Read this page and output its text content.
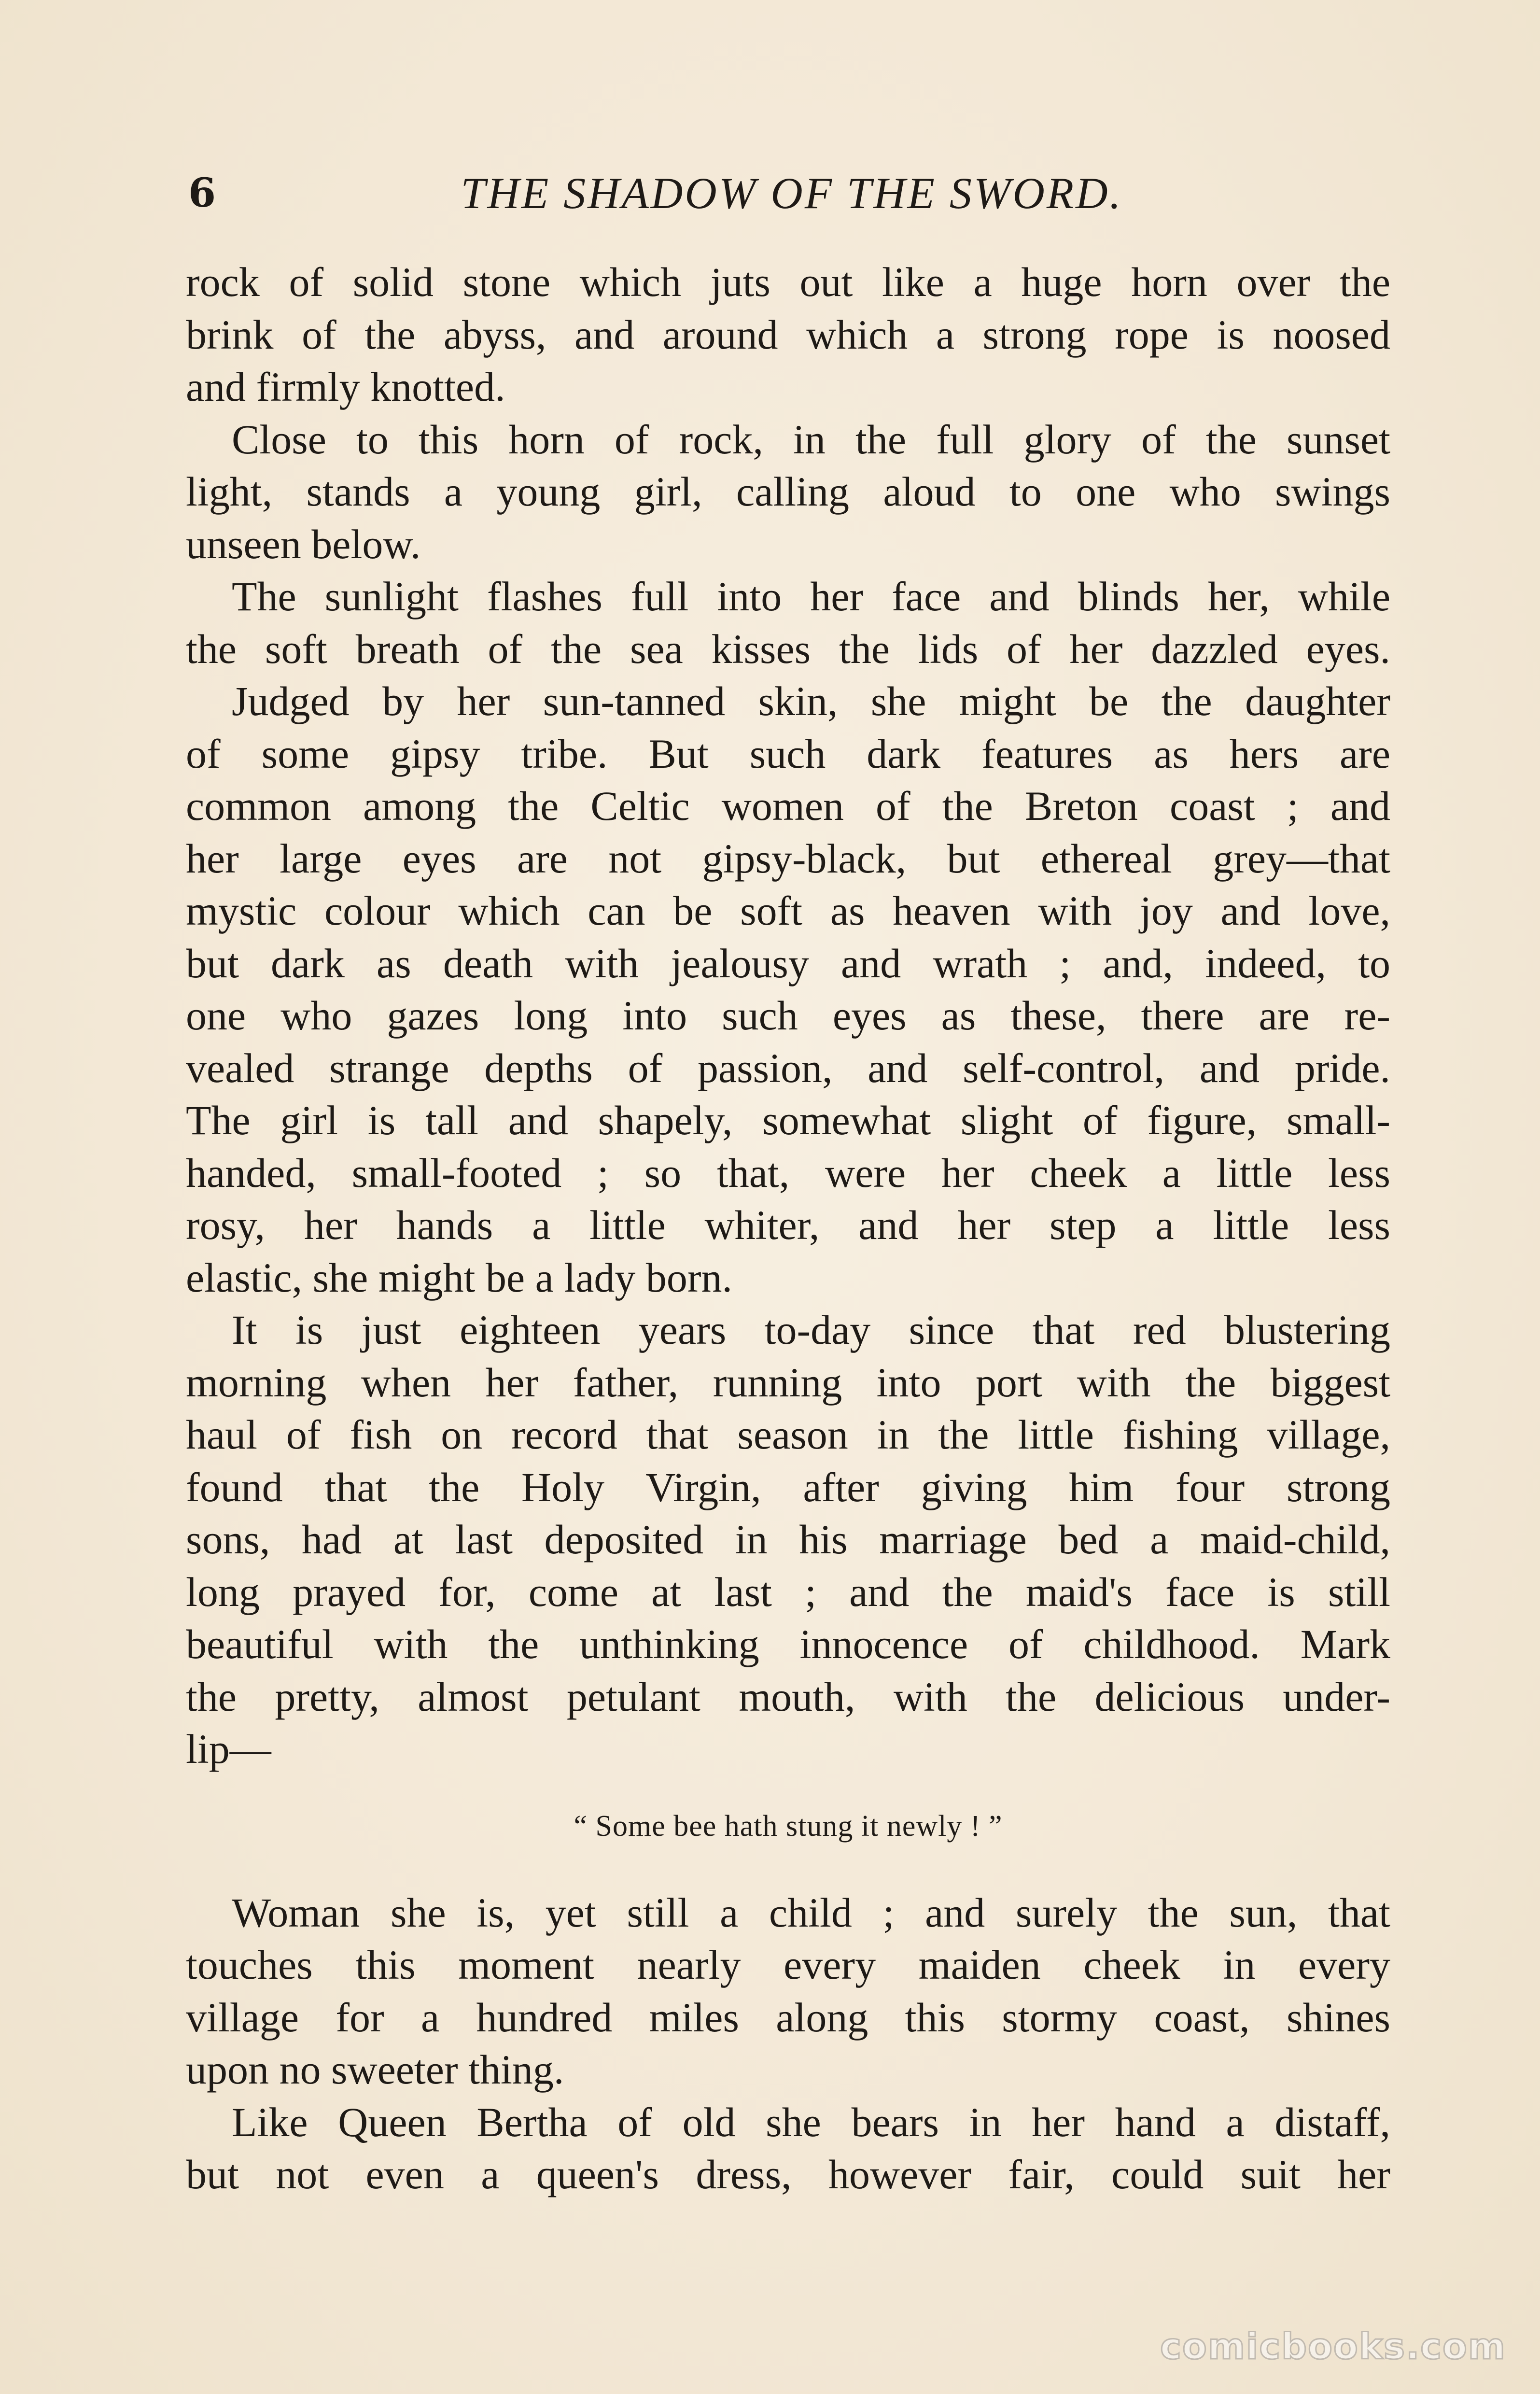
6	THE SHADOW OF THE SWORD.

rock of solid stone which juts out like a huge horn over the
brink of the abyss, and around which a strong rope is noosed
and firmly knotted.

Close to this horn of rock, in the full glory of the sunset
light, stands a young girl, calling aloud to one who swings
unseen below.

The sunlight flashes full into her face and blinds her, while
the soft breath of the sea kisses the lids of her dazzled eyes.

Judged by her sun-tanned skin, she might be the daughter
of some gipsy tribe. But such dark features as hers are
common among the Celtic women of the Breton coast ; and
her large eyes are not gipsy-black, but ethereal grey—that
mystic colour which can be soft as heaven with joy and love,
but dark as death with jealousy and wrath ; and, indeed, to
one who gazes long into such eyes as these, there are re-
vealed strange depths of passion, and self-control, and pride.
The girl is tall and shapely, somewhat slight of figure, small-
handed, small-footed ; so that, were her cheek a little less
rosy, her hands a little whiter, and her step a little less
elastic, she might be a lady born.

It is just eighteen years to-day since that red blustering
morning when her father, running into port with the biggest
haul of fish on record that season in the little fishing village,
found that the Holy Virgin, after giving him four strong
sons, had at last deposited in his marriage bed a maid-child,
long prayed for, come at last ; and the maid's face is still
beautiful with the unthinking innocence of childhood. Mark
the pretty, almost petulant mouth, with the delicious under-
lip—

“ Some bee hath stung it newly ! ”

Woman she is, yet still a child ; and surely the sun, that
touches this moment nearly every maiden cheek in every
village for a hundred miles along this stormy coast, shines
upon no sweeter thing.

Like Queen Bertha of old she bears in her hand a distaff,
but not even a queen's dress, however fair, could suit her

comicbooks.com
